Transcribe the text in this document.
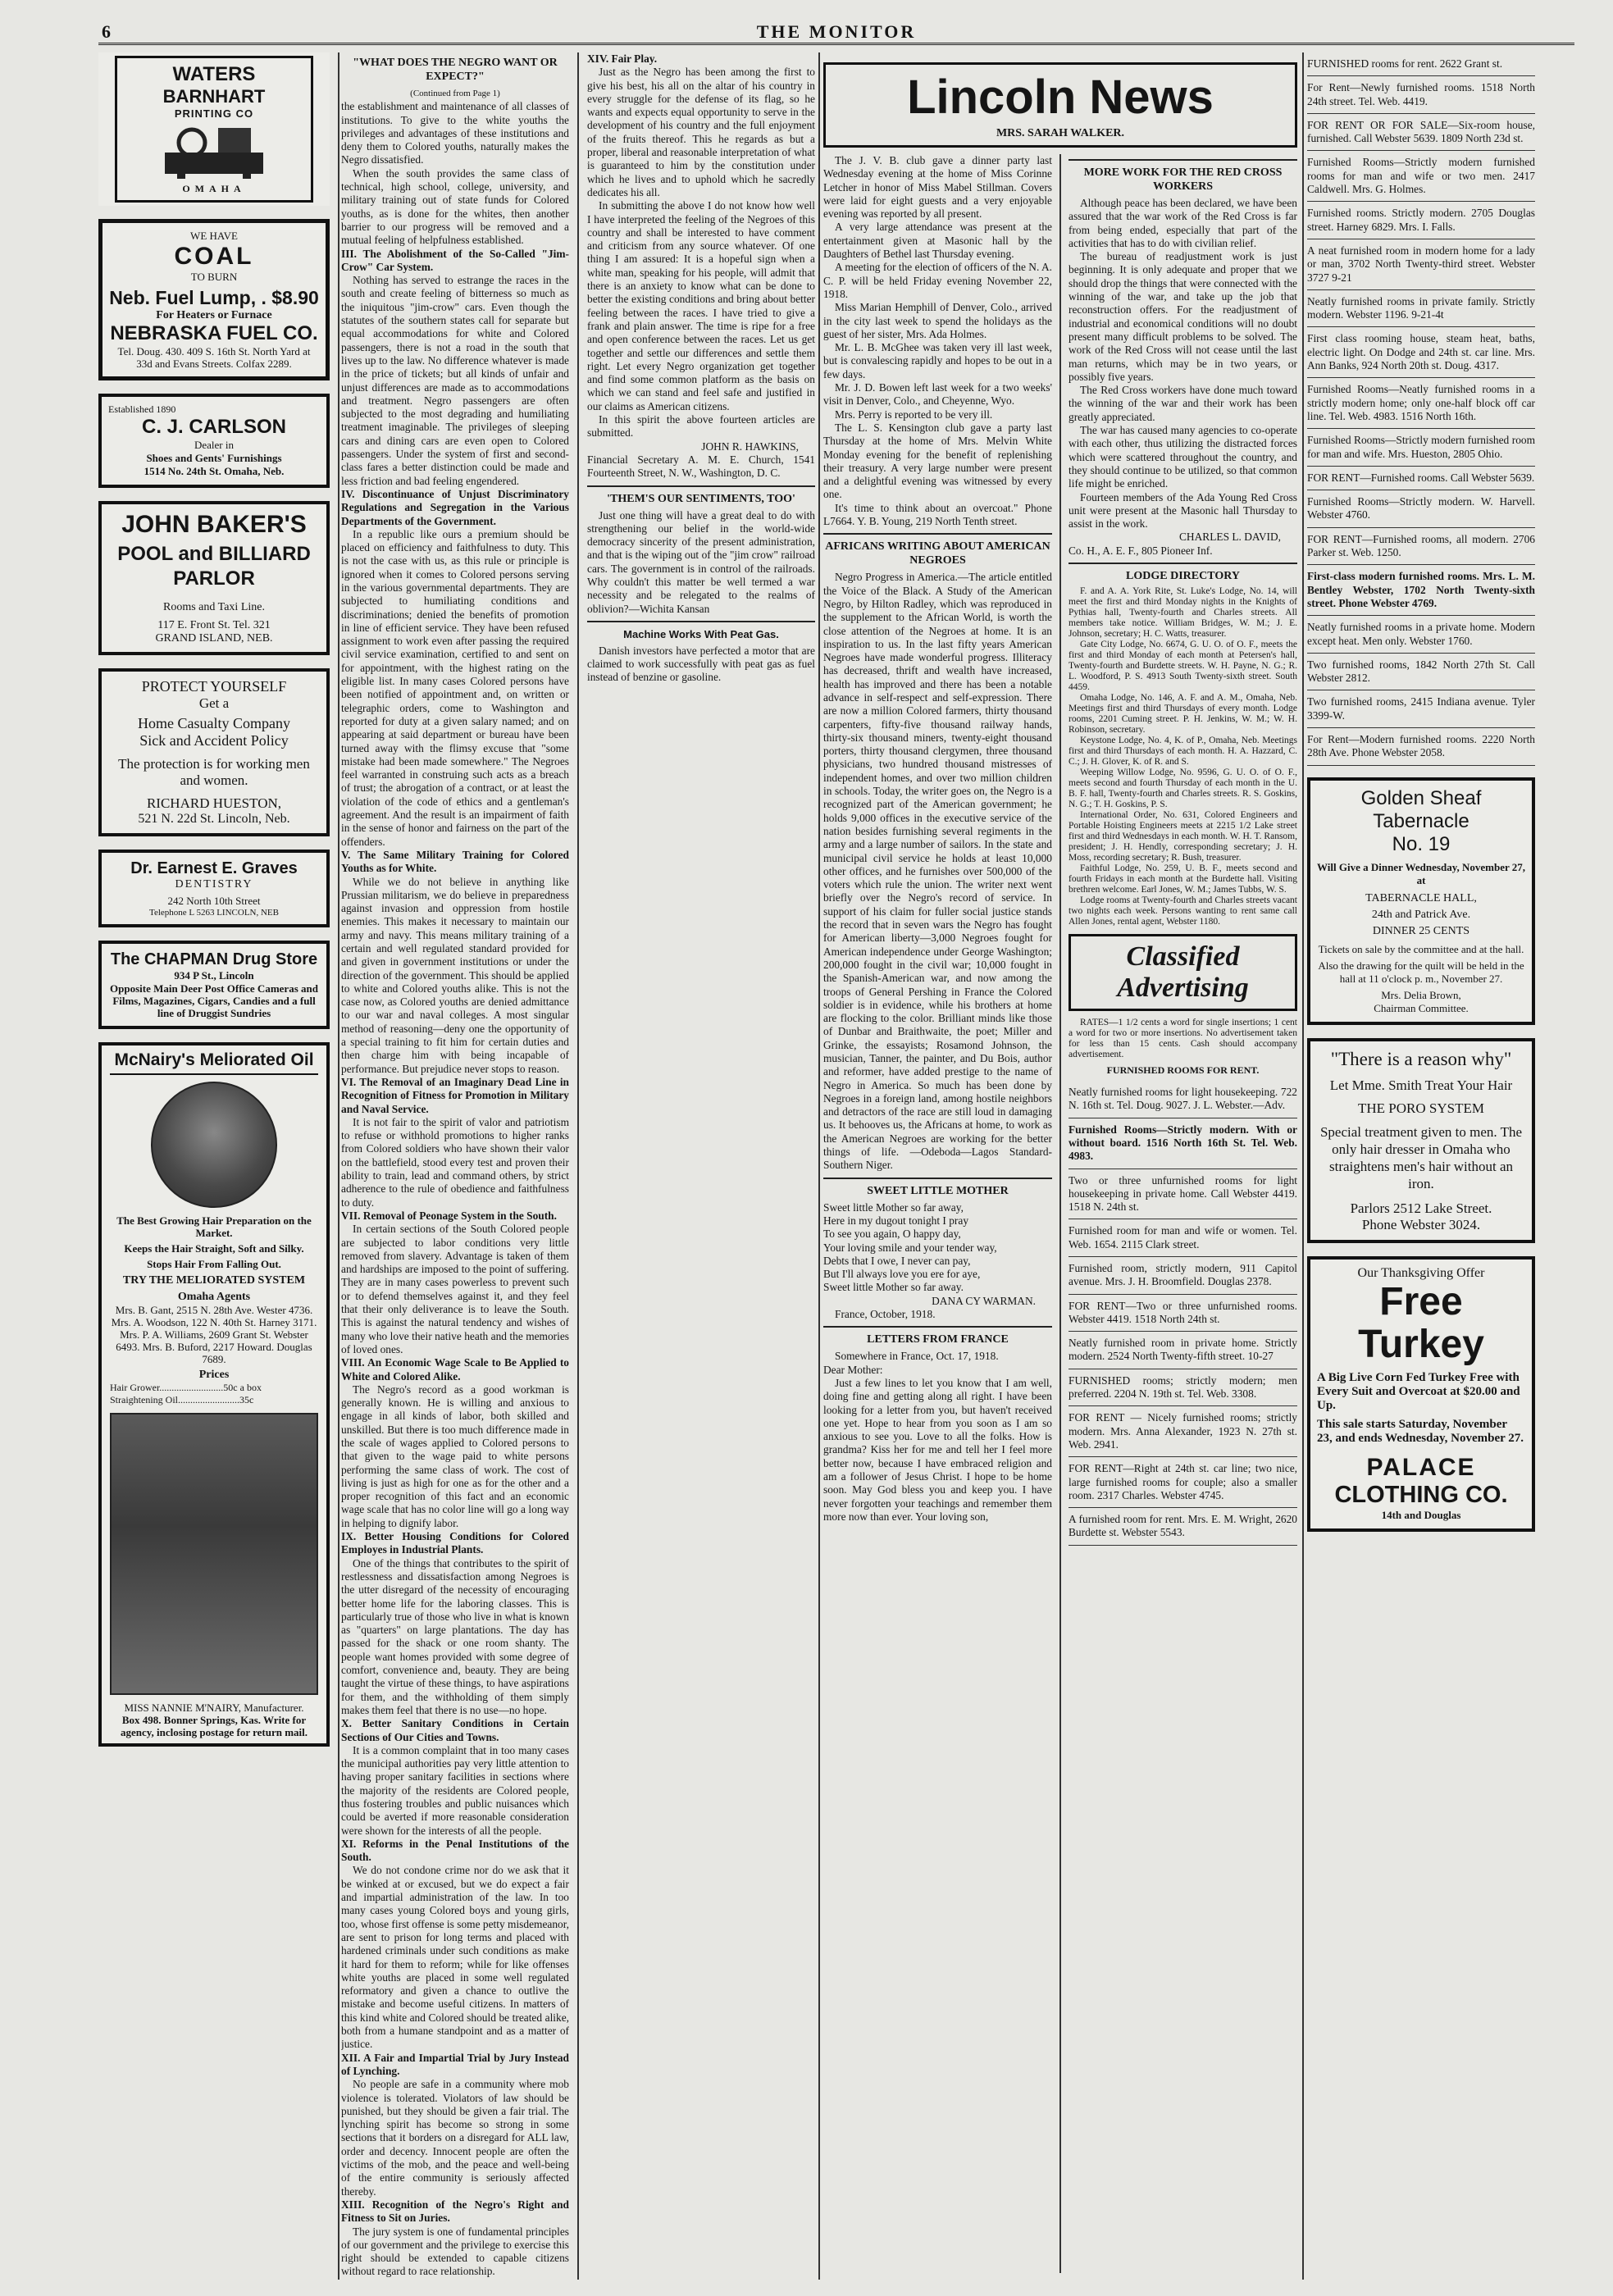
6	THE MONITOR
WATERS
BARNHART
PRINTING CO
OMAHA
WE HAVE
COAL
TO BURN
Neb. Fuel Lump, . $8.90
For Heaters or Furnace
NEBRASKA FUEL CO.
Tel. Doug. 430. 409 S. 16th St. North Yard at 33d and Evans Streets. Colfax 2289.
Established 1890
C. J. CARLSON
Dealer in
Shoes and Gents' Furnishings
1514 No. 24th St. Omaha, Neb.
JOHN BAKER'S
POOL and BILLIARD PARLOR
Rooms and Taxi Line.
117 E. Front St. Tel. 321
GRAND ISLAND, NEB.
PROTECT YOURSELF
Get a
Home Casualty Company
Sick and Accident Policy
The protection is for working men and women.
RICHARD HUESTON,
521 N. 22d St. Lincoln, Neb.
Dr. Earnest E. Graves
DENTISTRY
242 North 10th Street
Telephone L 5263 LINCOLN, NEB
The CHAPMAN Drug Store
934 P St., Lincoln
Opposite Main Deer Post Office Cameras and Films, Magazines, Cigars, Candies and a full line of Druggist Sundries
McNairy's Meliorated Oil
The Best Growing Hair Preparation on the Market.
Keeps the Hair Straight, Soft and Silky.
Stops Hair From Falling Out.
TRY THE MELIORATED SYSTEM
Omaha Agents
Mrs. B. Gant, 2515 N. 28th Ave. Wester 4736. Mrs. A. Woodson, 122 N. 40th St. Harney 3171. Mrs. P. A. Williams, 2609 Grant St. Webster 6493. Mrs. B. Buford, 2217 Howard. Douglas 7689.
Prices
Hair Grower..........................50c a box
Straightening Oil.........................35c
MISS NANNIE M'NAIRY, Manufacturer.
Box 498. Bonner Springs, Kas. Write for agency, inclosing postage for return mail.
"WHAT DOES THE NEGRO WANT OR EXPECT?"
(Continued from Page 1)

the establishment and maintenance of all classes of institutions. To give to the white youths the privileges and advantages of these institutions and deny them to Colored youths, naturally makes the Negro dissatisfied.

When the south provides the same class of technical, high school, college, university, and military training out of state funds for Colored youths, as is done for the whites, then another barrier to our progress will be removed and a mutual feeling of helpfulness established.

III. The Abolishment of the So-Called "Jim-Crow" Car System.

Nothing has served to estrange the races in the south and create feeling of bitterness so much as the iniquitous "jim-crow" cars. Even though the statutes of the southern states call for separate but equal accommodations for white and Colored passengers, there is not a road in the south that lives up to the law. No difference whatever is made in the price of tickets; but all kinds of unfair and unjust differences are made as to accommodations and treatment. Negro passengers are often subjected to the most degrading and humiliating treatment imaginable. The privileges of sleeping cars and dining cars are even open to Colored passengers. Under the system of first and second-class fares a better distinction could be made and less friction and bad feeling engendered.

IV. Discontinuance of Unjust Discriminatory Regulations and Segregation in the Various Departments of the Government.

In a republic like ours a premium should be placed on efficiency and faithfulness to duty. This is not the case with us, as this rule or principle is ignored when it comes to Colored persons serving in the various governmental departments. They are subjected to humiliating conditions and discriminations; denied the benefits of promotion in line of efficient service. They have been refused assignment to work even after passing the required civil service examination, certified to and sent on for appointment, with the highest rating on the eligible list. In many cases Colored persons have been notified of appointment and, on written or telegraphic orders, come to Washington and reported for duty at a given salary named; and on appearing at said department or bureau have been turned away with the flimsy excuse that "some mistake had been made somewhere." The Negroes feel warranted in construing such acts as a breach of trust; the abrogation of a contract, or at least the violation of the code of ethics and a gentleman's agreement. And the result is an impairment of faith in the sense of honor and fairness on the part of the offenders.

V. The Same Military Training for Colored Youths as for White.

While we do not believe in anything like Prussian militarism, we do believe in preparedness against invasion and oppression from hostile enemies. This makes it necessary to maintain our army and navy. This means military training of a certain and well regulated standard provided for and given in government institutions or under the direction of the government. This should be applied to white and Colored youths alike. This is not the case now, as Colored youths are denied admittance to our war and naval colleges. A most singular method of reasoning—deny one the opportunity of a special training to fit him for certain duties and then charge him with being incapable of performance. But prejudice never stops to reason.

VI. The Removal of an Imaginary Dead Line in Recognition of Fitness for Promotion in Military and Naval Service.

It is not fair to the spirit of valor and patriotism to refuse or withhold promotions to higher ranks from Colored soldiers who have shown their valor on the battlefield, stood every test and proven their ability to train, lead and command others, by strict adherence to the rule of obedience and faithfulness to duty.

VII. Removal of Peonage System in the South.

In certain sections of the South Colored people are subjected to labor conditions very little removed from slavery. Advantage is taken of them and hardships are imposed to the point of suffering. They are in many cases powerless to prevent such or to defend themselves against it, and they feel that their only deliverance is to leave the South. This is against the natural tendency and wishes of many who love their native heath and the memories of loved ones.

VIII. An Economic Wage Scale to Be Applied to White and Colored Alike.

The Negro's record as a good workman is generally known. He is willing and anxious to engage in all kinds of labor, both skilled and unskilled. But there is too much difference made in the scale of wages applied to Colored persons to that given to the wage paid to white persons performing the same class of work. The cost of living is just as high for one as for the other and a proper recognition of this fact and an economic wage scale that has no color line will go a long way in helping to dignify labor.

IX. Better Housing Conditions for Colored Employes in Industrial Plants.

One of the things that contributes to the spirit of restlessness and dissatisfaction among Negroes is the utter disregard of the necessity of encouraging better home life for the laboring classes. This is particularly true of those who live in what is known as "quarters" on large plantations. The day has passed for the shack or one room shanty. The people want homes provided with some degree of comfort, convenience and, beauty. They are being taught the virtue of these things, to have aspirations for them, and the withholding of them simply makes them feel that there is no use—no hope.

X. Better Sanitary Conditions in Certain Sections of Our Cities and Towns.

It is a common complaint that in too many cases the municipal authorities pay very little attention to having proper sanitary facilities in sections where the majority of the residents are Colored people, thus fostering troubles and public nuisances which could be averted if more reasonable consideration were shown for the interests of all the people.

XI. Reforms in the Penal Institutions of the South.

We do not condone crime nor do we ask that it be winked at or excused, but we do expect a fair and impartial administration of the law. In too many cases young Colored boys and young girls, too, whose first offense is some petty misdemeanor, are sent to prison for long terms and placed with hardened criminals under such conditions as make it hard for them to reform; while for like offenses white youths are placed in some well regulated reformatory and given a chance to outlive the mistake and become useful citizens. In matters of this kind white and Colored should be treated alike, both from a humane standpoint and as a matter of justice.

XII. A Fair and Impartial Trial by Jury Instead of Lynching.

No people are safe in a community where mob violence is tolerated. Violators of law should be punished, but they should be given a fair trial. The lynching spirit has become so strong in some sections that it borders on a disregard for ALL law, order and decency. Innocent people are often the victims of the mob, and the peace and well-being of the entire community is seriously affected thereby.

XIII. Recognition of the Negro's Right and Fitness to Sit on Juries.

The jury system is one of fundamental principles of our government and the privilege to exercise this right should be extended to capable citizens without regard to race relationship.

XIV. Fair Play.

Just as the Negro has been among the first to give his best, his all on the altar of his country in every struggle for the defense of its flag, so he wants and expects equal opportunity to serve in the development of his country and the full enjoyment of the fruits thereof. This he regards as but a proper, liberal and reasonable interpretation of what is guaranteed to him by the constitution under which he lives and to uphold which he sacredly dedicates his all.

In submitting the above I do not know how well I have interpreted the feeling of the Negroes of this country and shall be interested to have comment and criticism from any source whatever. Of one thing I am assured: It is a hopeful sign when a white man, speaking for his people, will admit that there is an anxiety to know what can be done to better the existing conditions and bring about better feeling between the races. I have tried to give a frank and plain answer. The time is ripe for a free and open conference between the races. Let us get together and settle our differences and settle them right. Let every Negro organization get together and find some common platform as the basis on which we can stand and feel safe and justified in our claims as American citizens.

In this spirit the above fourteen articles are submitted.

JOHN R. HAWKINS,

Financial Secretary A. M. E. Church, 1541 Fourteenth Street, N. W., Washington, D. C.

'THEM'S OUR SENTIMENTS, TOO'

Just one thing will have a great deal to do with strengthening our belief in the world-wide democracy sincerity of the present administration, and that is the wiping out of the "jim crow" railroad cars. The government is in control of the railroads. Why couldn't this matter be well termed a war necessity and be relegated to the realms of oblivion?—Wichita Kansan

Machine Works With Peat Gas.

Danish investors have perfected a motor that are claimed to work successfully with peat gas as fuel instead of benzine or gasoline.

Lincoln News
MRS. SARAH WALKER.

The J. V. B. club gave a dinner party last Wednesday evening at the home of Miss Corinne Letcher in honor of Miss Mabel Stillman. Covers were laid for eight guests and a very enjoyable evening was reported by all present.

A very large attendance was present at the entertainment given at Masonic hall by the Daughters of Bethel last Thursday evening.

A meeting for the election of officers of the N. A. C. P. will be held Friday evening November 22, 1918.

Miss Marian Hemphill of Denver, Colo., arrived in the city last week to spend the holidays as the guest of her sister, Mrs. Ada Holmes.

Mr. L. B. McGhee was taken very ill last week, but is convalescing rapidly and hopes to be out in a few days.

Mr. J. D. Bowen left last week for a two weeks' visit in Denver, Colo., and Cheyenne, Wyo.

Mrs. Perry is reported to be very ill.

The L. S. Kensington club gave a party last Thursday at the home of Mrs. Melvin White Monday evening for the benefit of replenishing their treasury. A very large number were present and a delightful evening was witnessed by every one.

It's time to think about an overcoat." Phone L7664. Y. B. Young, 219 North Tenth street.

AFRICANS WRITING ABOUT AMERICAN NEGROES

Negro Progress in America.—The article entitled the Voice of the Black. A Study of the American Negro, by Hilton Radley, which was reproduced in the supplement to the African World, is worth the close attention of the Negroes at home. It is an inspiration to us. In the last fifty years American Negroes have made wonderful progress. Illiteracy has decreased, thrift and wealth have increased, health has improved and there has been a notable advance in self-respect and self-expression. There are now a million Colored farmers, thirty thousand carpenters, fifty-five thousand railway hands, thirty-six thousand miners, twenty-eight thousand porters, thirty thousand clergymen, three thousand physicians, two hundred thousand mistresses of independent homes, and over two million children in schools. Today, the writer goes on, the Negro is a recognized part of the American government; he holds 9,000 offices in the executive service of the nation besides furnishing several regiments in the army and a large number of sailors. In the state and municipal civil service he holds at least 10,000 other offices, and he furnishes over 500,000 of the voters which rule the union. The writer next went briefly over the Negro's record of service. In support of his claim for fuller social justice stands the record that in seven wars the Negro has fought for American liberty—3,000 Negroes fought for American independence under George Washington; 200,000 fought in the civil war; 10,000 fought in the Spanish-American war, and now among the troops of General Pershing in France the Colored soldier is in evidence, while his brothers at home are flocking to the color. Brilliant minds like those of Dunbar and Braithwaite, the poet; Miller and Grinke, the essayists; Rosamond Johnson, the musician, Tanner, the painter, and Du Bois, author and reformer, have added prestige to the name of Negro in America. So much has been done by Negroes in a foreign land, among hostile neighbors and detractors of the race are still loud in damaging us. It behooves us, the Africans at home, to work as the American Negroes are working for the better things of life. —Odeboda—Lagos Standard-Southern Niger.

SWEET LITTLE MOTHER

Sweet little Mother so far away,

Here in my dugout tonight I pray

To see you again, O happy day,

Your loving smile and your tender way,

Debts that I owe, I never can pay,

But I'll always love you ere for aye,

Sweet little Mother so far away.

DANA CY WARMAN.

France, October, 1918.

LETTERS FROM FRANCE

Somewhere in France, Oct. 17, 1918.

Dear Mother:

Just a few lines to let you know that I am well, doing fine and getting along all right. I have been looking for a letter from you, but haven't received one yet. Hope to hear from you soon as I am so anxious to see you. Love to all the folks. How is grandma? Kiss her for me and tell her I feel more better now, because I have embraced religion and am a follower of Jesus Christ. I hope to be home soon. May God bless you and keep you. I have never forgotten your teachings and remember them more now than ever. Your loving son,

MORE WORK FOR THE RED CROSS WORKERS

Although peace has been declared, we have been assured that the war work of the Red Cross is far from being ended, especially that part of the activities that has to do with civilian relief.

The bureau of readjustment work is just beginning. It is only adequate and proper that we should drop the things that were connected with the winning of the war, and take up the job that reconstruction offers. For the readjustment of industrial and economical conditions will no doubt present many difficult problems to be solved. The work of the Red Cross will not cease until the last man returns, which may be in two years, or possibly five years.

The Red Cross workers have done much toward the winning of the war and their work has been greatly appreciated.

The war has caused many agencies to co-operate with each other, thus utilizing the distracted forces which were scattered throughout the country, and they should continue to be utilized, so that common life might be enriched.

Fourteen members of the Ada Young Red Cross unit were present at the Masonic hall Thursday to assist in the work.

CHARLES L. DAVID,

Co. H., A. E. F., 805 Pioneer Inf.

LODGE DIRECTORY

F. and A. A. York Rite, St. Luke's Lodge, No. 14, will meet the first and third Monday nights in the Knights of Pythias hall, Twenty-fourth and Charles streets. All members take notice. William Bridges, W. M.; J. E. Johnson, secretary; H. C. Watts, treasurer.

Gate City Lodge, No. 6674, G. U. O. of O. F., meets the first and third Monday of each month at Petersen's hall, Twenty-fourth and Burdette streets. W. H. Payne, N. G.; R. L. Woodford, P. S. 4913 South Twenty-sixth street. South 4459.

Omaha Lodge, No. 146, A. F. and A. M., Omaha, Neb. Meetings first and third Thursdays of every month. Lodge rooms, 2201 Cuming street. P. H. Jenkins, W. M.; W. H. Robinson, secretary.

Keystone Lodge, No. 4, K. of P., Omaha, Neb. Meetings first and third Thursdays of each month. H. A. Hazzard, C. C.; J. H. Glover, K. of R. and S.

Weeping Willow Lodge, No. 9596, G. U. O. of O. F., meets second and fourth Thursday of each month in the U. B. F. hall, Twenty-fourth and Charles streets. R. S. Goskins, N. G.; T. H. Goskins, P. S.

International Order, No. 631, Colored Engineers and Portable Hoisting Engineers meets at 2215 1/2 Lake street first and third Wednesdays in each month. W. H. T. Ransom, president; J. H. Hendly, corresponding secretary; J. H. Moss, recording secretary; R. Bush, treasurer.

Faithful Lodge, No. 259, U. B. F., meets second and fourth Fridays in each month at the Burdette hall. Visiting brethren welcome. Earl Jones, W. M.; James Tubbs, W. S.

Lodge rooms at Twenty-fourth and Charles streets vacant two nights each week. Persons wanting to rent same call Allen Jones, rental agent, Webster 1180.

Classified
Advertising

RATES—1 1/2 cents a word for single insertions; 1 cent a word for two or more insertions. No advertisement taken for less than 15 cents. Cash should accompany advertisement.

FURNISHED ROOMS FOR RENT.

Neatly furnished rooms for light housekeeping. 722 N. 16th st. Tel. Doug. 9027. J. L. Webster.—Adv.

Furnished Rooms—Strictly modern. With or without board. 1516 North 16th St. Tel. Web. 4983.

Two or three unfurnished rooms for light housekeeping in private home. Call Webster 4419. 1518 N. 24th st.

Furnished room for man and wife or women. Tel. Web. 1654. 2115 Clark street.

Furnished room, strictly modern, 911 Capitol avenue. Mrs. J. H. Broomfield. Douglas 2378.

FOR RENT—Two or three unfurnished rooms. Webster 4419. 1518 North 24th st.

Neatly furnished room in private home. Strictly modern. 2524 North Twenty-fifth street. 10-27

FURNISHED rooms; strictly modern; men preferred. 2204 N. 19th st. Tel. Web. 3308.

FOR RENT — Nicely furnished rooms; strictly modern. Mrs. Anna Alexander, 1923 N. 27th st. Web. 2941.

FOR RENT—Right at 24th st. car line; two nice, large furnished rooms for couple; also a smaller room. 2317 Charles. Webster 4745.

A furnished room for rent. Mrs. E. M. Wright, 2620 Burdette st. Webster 5543.

FURNISHED rooms for rent. 2622 Grant st.

For Rent—Newly furnished rooms. 1518 North 24th street. Tel. Web. 4419.

FOR RENT OR FOR SALE—Six-room house, furnished. Call Webster 5639. 1809 North 23d st.

Furnished Rooms—Strictly modern furnished rooms for man and wife or two men. 2417 Caldwell. Mrs. G. Holmes.

Furnished rooms. Strictly modern. 2705 Douglas street. Harney 6829. Mrs. I. Falls.

A neat furnished room in modern home for a lady or man, 3702 North Twenty-third street. Webster 3727 9-21

Neatly furnished rooms in private family. Strictly modern. Webster 1196. 9-21-4t

First class rooming house, steam heat, baths, electric light. On Dodge and 24th st. car line. Mrs. Ann Banks, 924 North 20th st. Doug. 4317.

Furnished Rooms—Neatly furnished rooms in a strictly modern home; only one-half block off car line. Tel. Web. 4983. 1516 North 16th.

Furnished Rooms—Strictly modern furnished room for man and wife. Mrs. Hueston, 2805 Ohio.

FOR RENT—Furnished rooms. Call Webster 5639.

Furnished Rooms—Strictly modern. W. Harvell. Webster 4760.

FOR RENT—Furnished rooms, all modern. 2706 Parker st. Web. 1250.

First-class modern furnished rooms. Mrs. L. M. Bentley Webster, 1702 North Twenty-sixth street. Phone Webster 4769.

Neatly furnished rooms in a private home. Modern except heat. Men only. Webster 1760.

Two furnished rooms, 1842 North 27th St. Call Webster 2812.

Two furnished rooms, 2415 Indiana avenue. Tyler 3399-W.

For Rent—Modern furnished rooms. 2220 North 28th Ave. Phone Webster 2058.

Golden Sheaf
Tabernacle
No. 19
Will Give a Dinner Wednesday, November 27, at
TABERNACLE HALL,
24th and Patrick Ave.
DINNER 25 CENTS
Tickets on sale by the committee and at the hall.
Also the drawing for the quilt will be held in the hall at 11 o'clock p. m., November 27.
Mrs. Delia Brown,
Chairman Committee.
"There is a reason why"
Let Mme. Smith Treat Your Hair
THE PORO SYSTEM
Special treatment given to men. The only hair dresser in Omaha who straightens men's hair without an iron.
Parlors 2512 Lake Street.
Phone Webster 3024.
Our Thanksgiving Offer
Free
Turkey
A Big Live Corn Fed Turkey Free with Every Suit and Overcoat at $20.00 and Up.
This sale starts Saturday, November 23, and ends Wednesday, November 27.
PALACE
CLOTHING CO.
14th and Douglas
